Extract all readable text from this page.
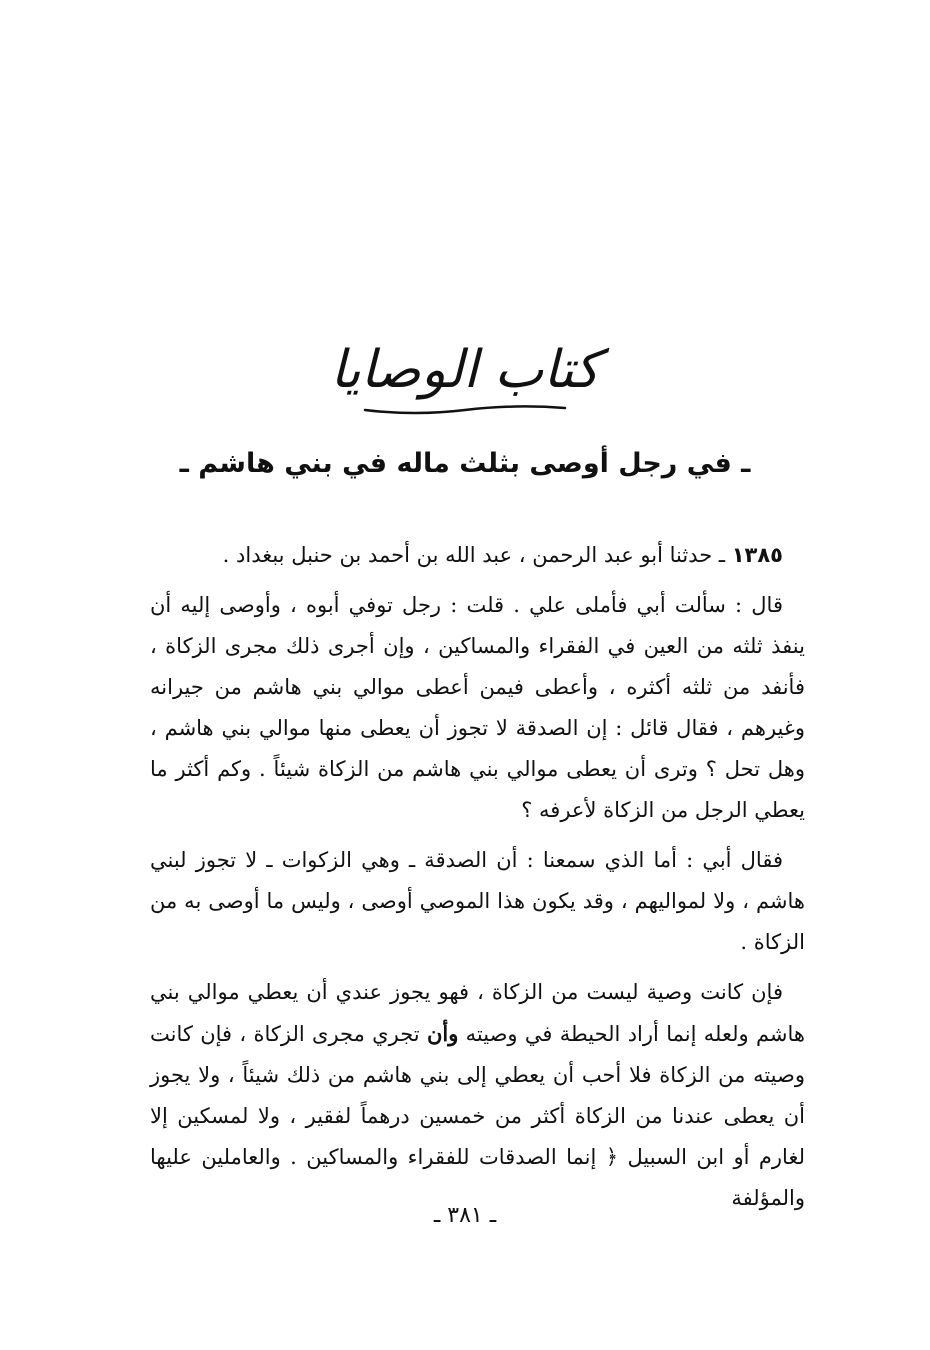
كتاب الوصايا
ـ في رجل أوصى بثلث ماله في بني هاشم ـ

١٣٨٥ ـ حدثنا أبو عبد الرحمن ، عبد الله بن أحمد بن حنبل ببغداد .

قال : سألت أبي فأملى علي . قلت : رجل توفي أبوه ، وأوصى إليه أن ينفذ ثلثه من العين في الفقراء والمساكين ، وإن أجرى ذلك مجرى الزكاة ، فأنفد من ثلثه أكثره ، وأعطى فيمن أعطى موالي بني هاشم من جيرانه وغيرهم ، فقال قائل : إن الصدقة لا تجوز أن يعطى منها موالي بني هاشم ، وهل تحل ؟ وترى أن يعطى موالي بني هاشم من الزكاة شيئاً . وكم أكثر ما يعطي الرجل من الزكاة لأعرفه ؟

فقال أبي : أما الذي سمعنا : أن الصدقة ـ وهي الزكوات ـ لا تجوز لبني هاشم ، ولا لمواليهم ، وقد يكون هذا الموصي أوصى ، وليس ما أوصى به من الزكاة .

فإن كانت وصية ليست من الزكاة ، فهو يجوز عندي أن يعطي موالي بني هاشم ولعله إنما أراد الحيطة في وصيته وأن تجري مجرى الزكاة ، فإن كانت وصيته من الزكاة فلا أحب أن يعطي إلى بني هاشم من ذلك شيئاً ، ولا يجوز أن يعطى عندنا من الزكاة أكثر من خمسين درهماً لفقير ، ولا لمسكين إلا لغارم أو ابن السبيل ﴿ إنما الصدقات للفقراء والمساكين . والعاملين عليها والمؤلفة

ـ ٣٨١ ـ
